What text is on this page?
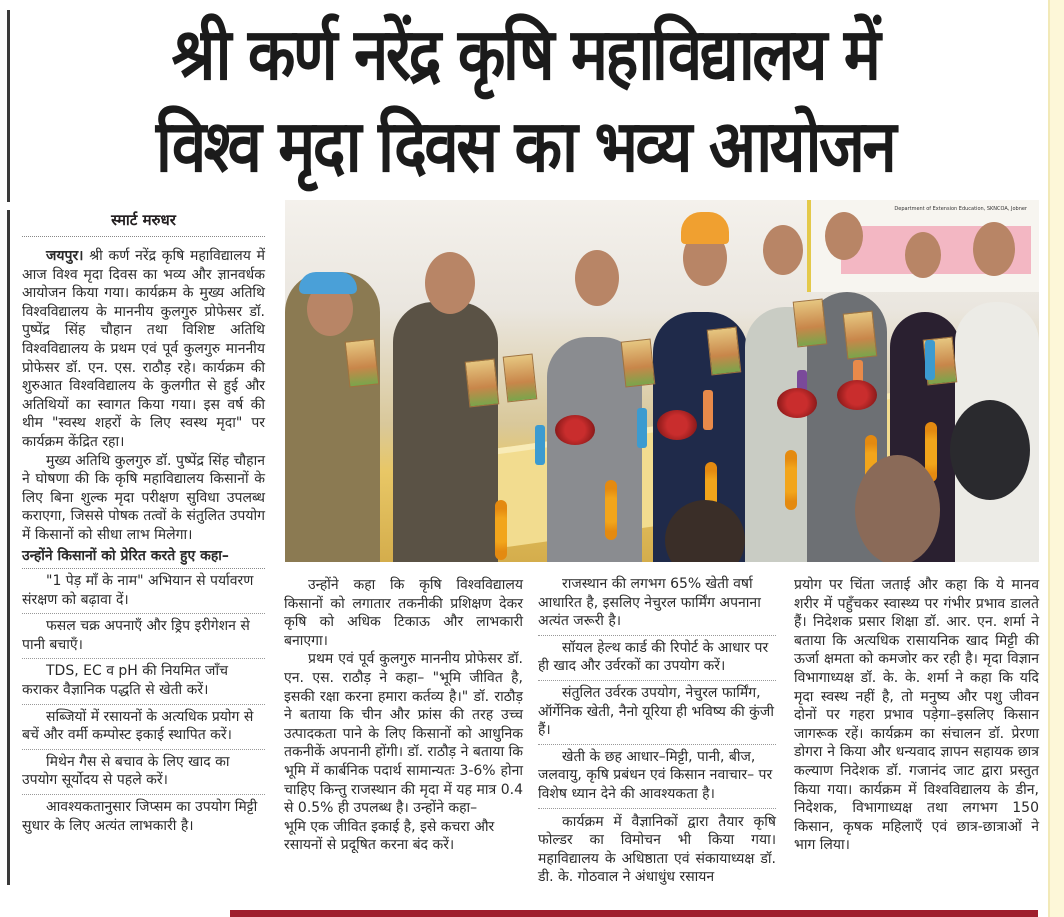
श्री कर्ण नरेंद्र कृषि महाविद्यालय में
विश्व मृदा दिवस का भव्य आयोजन
स्मार्ट मरुधर

जयपुर। श्री कर्ण नरेंद्र कृषि महाविद्यालय में आज विश्व मृदा दिवस का भव्य और ज्ञानवर्धक आयोजन किया गया। कार्यक्रम के मुख्य अतिथि विश्वविद्यालय के माननीय कुलगुरु प्रोफेसर डॉ. पुष्पेंद्र सिंह चौहान तथा विशिष्ट अतिथि विश्वविद्यालय के प्रथम एवं पूर्व कुलगुरु माननीय प्रोफेसर डॉ. एन. एस. राठौड़ रहे। कार्यक्रम की शुरुआत विश्वविद्यालय के कुलगीत से हुई और अतिथियों का स्वागत किया गया। इस वर्ष की थीम "स्वस्थ शहरों के लिए स्वस्थ मृदा" पर कार्यक्रम केंद्रित रहा।

मुख्य अतिथि कुलगुरु डॉ. पुष्पेंद्र सिंह चौहान ने घोषणा की कि कृषि महाविद्यालय किसानों के लिए बिना शुल्क मृदा परीक्षण सुविधा उपलब्ध कराएगा, जिससे पोषक तत्वों के संतुलित उपयोग में किसानों को सीधा लाभ मिलेगा।

उन्होंने किसानों को प्रेरित करते हुए कहा–

"1 पेड़ माँ के नाम" अभियान से पर्यावरण संरक्षण को बढ़ावा दें।

फसल चक्र अपनाएँ और ड्रिप इरीगेशन से पानी बचाएँ।

TDS, EC व pH की नियमित जाँच कराकर वैज्ञानिक पद्धति से खेती करें।

सब्जियों में रसायनों के अत्यधिक प्रयोग से बचें और वर्मी कम्पोस्ट इकाई स्थापित करें।

मिथेन गैस से बचाव के लिए खाद का उपयोग सूर्योदय से पहले करें।

आवश्यकतानुसार जिप्सम का उपयोग मिट्टी सुधार के लिए अत्यंत लाभकारी है।

Department of Extension Education, SKNCOA, Jobner

उन्होंने कहा कि कृषि विश्वविद्यालय किसानों को लगातार तकनीकी प्रशिक्षण देकर कृषि को अधिक टिकाऊ और लाभकारी बनाएगा।

प्रथम एवं पूर्व कुलगुरु माननीय प्रोफेसर डॉ. एन. एस. राठौड़ ने कहा– "भूमि जीवित है, इसकी रक्षा करना हमारा कर्तव्य है।" डॉ. राठौड़ ने बताया कि चीन और फ्रांस की तरह उच्च उत्पादकता पाने के लिए किसानों को आधुनिक तकनीकें अपनानी होंगी। डॉ. राठौड़ ने बताया कि भूमि में कार्बनिक पदार्थ सामान्यतः 3-6% होना चाहिए किन्तु राजस्थान की मृदा में यह मात्र 0.4 से 0.5% ही उपलब्ध है। उन्होंने कहा–

भूमि एक जीवित इकाई है, इसे कचरा और रसायनों से प्रदूषित करना बंद करें।

राजस्थान की लगभग 65% खेती वर्षा आधारित है, इसलिए नेचुरल फार्मिंग अपनाना अत्यंत जरूरी है।

सॉयल हेल्थ कार्ड की रिपोर्ट के आधार पर ही खाद और उर्वरकों का उपयोग करें।

संतुलित उर्वरक उपयोग, नेचुरल फार्मिंग, ऑर्गेनिक खेती, नैनो यूरिया ही भविष्य की कुंजी हैं।

खेती के छह आधार–मिट्टी, पानी, बीज, जलवायु, कृषि प्रबंधन एवं किसान नवाचार– पर विशेष ध्यान देने की आवश्यकता है।

कार्यक्रम में वैज्ञानिकों द्वारा तैयार कृषि फोल्डर का विमोचन भी किया गया। महाविद्यालय के अधिष्ठाता एवं संकायाध्यक्ष डॉ. डी. के. गोठवाल ने अंधाधुंध रसायन

प्रयोग पर चिंता जताई और कहा कि ये मानव शरीर में पहुँचकर स्वास्थ्य पर गंभीर प्रभाव डालते हैं। निदेशक प्रसार शिक्षा डॉ. आर. एन. शर्मा ने बताया कि अत्यधिक रासायनिक खाद मिट्टी की ऊर्जा क्षमता को कमजोर कर रही है। मृदा विज्ञान विभागाध्यक्ष डॉ. के. के. शर्मा ने कहा कि यदि मृदा स्वस्थ नहीं है, तो मनुष्य और पशु जीवन दोनों पर गहरा प्रभाव पड़ेगा–इसलिए किसान जागरूक रहें। कार्यक्रम का संचालन डॉ. प्रेरणा डोगरा ने किया और धन्यवाद ज्ञापन सहायक छात्र कल्याण निदेशक डॉ. गजानंद जाट द्वारा प्रस्तुत किया गया। कार्यक्रम में विश्वविद्यालय के डीन, निदेशक, विभागाध्यक्ष तथा लगभग 150 किसान, कृषक महिलाएँ एवं छात्र-छात्राओं ने भाग लिया।
